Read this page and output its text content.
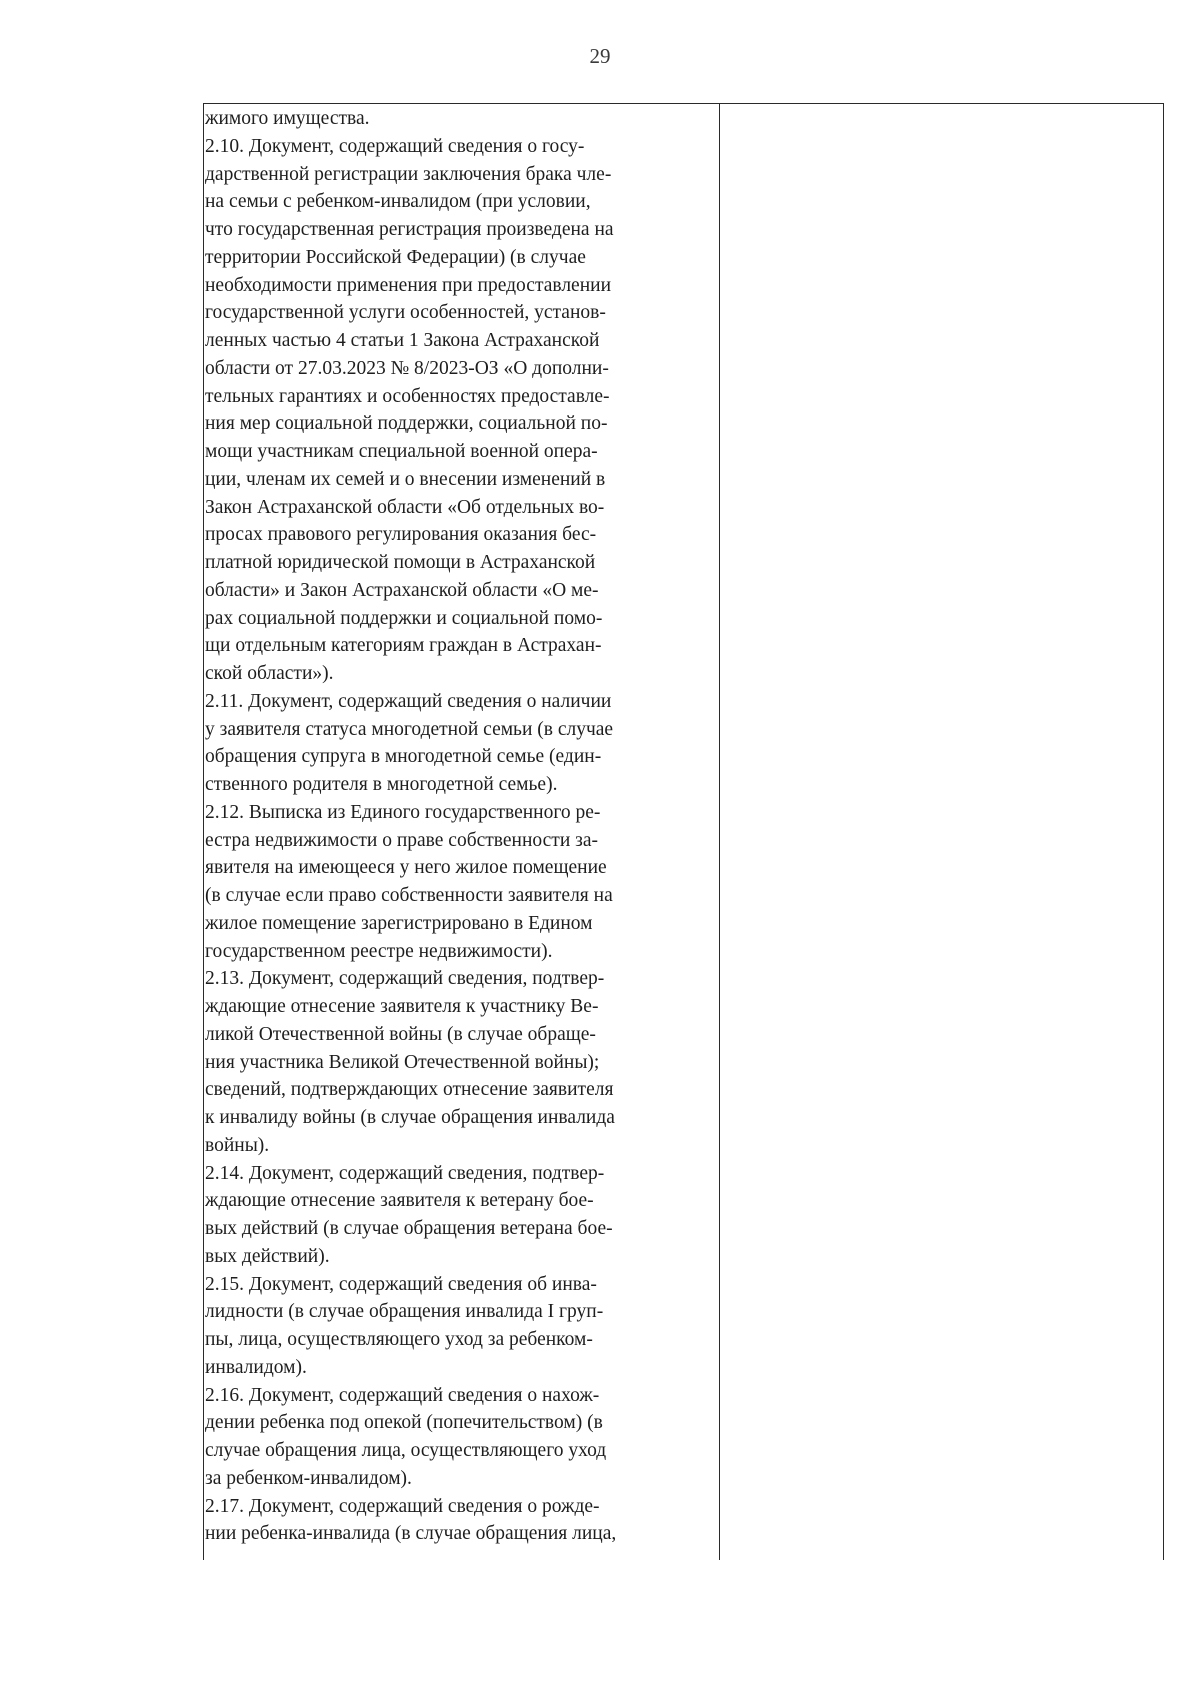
29

жимого имущества.

2.10. Документ, содержащий сведения о госу-
дарственной регистрации заключения брака чле-
на семьи с ребенком-инвалидом (при условии,
что государственная регистрация произведена на
территории Российской Федерации) (в случае
необходимости применения при предоставлении
государственной услуги особенностей, установ-
ленных частью 4 статьи 1 Закона Астраханской
области от 27.03.2023 № 8/2023-ОЗ «О дополни-
тельных гарантиях и особенностях предоставле-
ния мер социальной поддержки, социальной по-
мощи участникам специальной военной опера-
ции, членам их семей и о внесении изменений в
Закон Астраханской области «Об отдельных во-
просах правового регулирования оказания бес-
платной юридической помощи в Астраханской
области» и Закон Астраханской области «О ме-
рах социальной поддержки и социальной помо-
щи отдельным категориям граждан в Астрахан-
ской области»).

2.11. Документ, содержащий сведения о наличии
у заявителя статуса многодетной семьи (в случае
обращения супруга в многодетной семье (един-
ственного родителя в многодетной семье).

2.12. Выписка из Единого государственного ре-
естра недвижимости о праве собственности за-
явителя на имеющееся у него жилое помещение
(в случае если право собственности заявителя на
жилое помещение зарегистрировано в Едином
государственном реестре недвижимости).

2.13. Документ, содержащий сведения, подтвер-
ждающие отнесение заявителя к участнику Ве-
ликой Отечественной войны (в случае обраще-
ния участника Великой Отечественной войны);
сведений, подтверждающих отнесение заявителя
к инвалиду войны (в случае обращения инвалида
войны).

2.14. Документ, содержащий сведения, подтвер-
ждающие отнесение заявителя к ветерану бое-
вых действий (в случае обращения ветерана бое-
вых действий).

2.15. Документ, содержащий сведения об инва-
лидности (в случае обращения инвалида I груп-
пы, лица, осуществляющего уход за ребенком-
инвалидом).

2.16. Документ, содержащий сведения о нахож-
дении ребенка под опекой (попечительством) (в
случае обращения лица, осуществляющего уход
за ребенком-инвалидом).

2.17. Документ, содержащий сведения о рожде-
нии ребенка-инвалида (в случае обращения лица,
